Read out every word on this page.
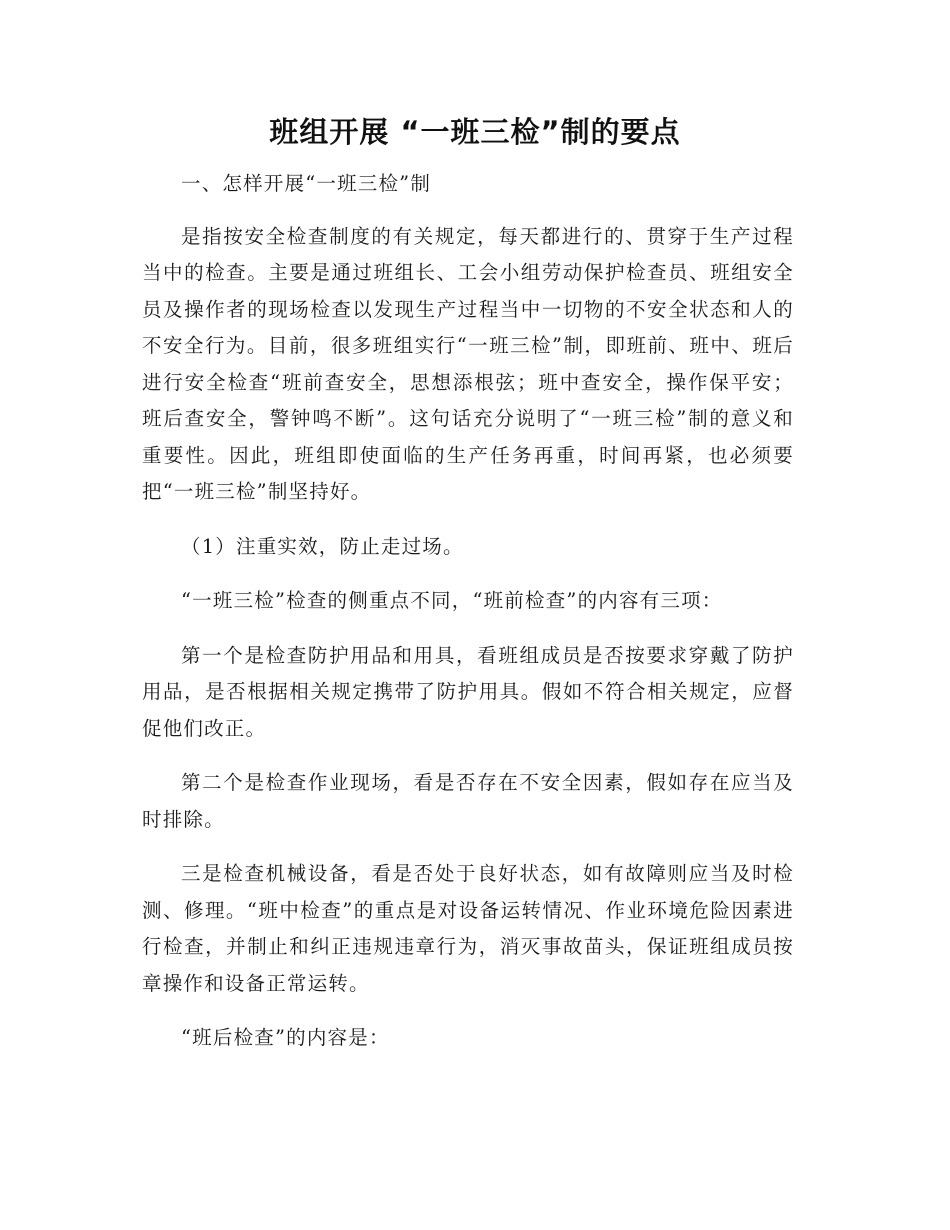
班组开展 “一班三检”制的要点

一、怎样开展“一班三检”制

是指按安全检查制度的有关规定，每天都进行的、贯穿于生产过程当中的检查。主要是通过班组长、工会小组劳动保护检查员、班组安全员及操作者的现场检查以发现生产过程当中一切物的不安全状态和人的不安全行为。目前，很多班组实行“一班三检”制，即班前、班中、班后进行安全检查“班前查安全，思想添根弦；班中查安全，操作保平安；班后查安全，警钟鸣不断”。这句话充分说明了“一班三检”制的意义和重要性。因此，班组即使面临的生产任务再重，时间再紧，也必须要把“一班三检”制坚持好。

（1）注重实效，防止走过场。

“一班三检”检查的侧重点不同，“班前检查”的内容有三项：

第一个是检查防护用品和用具，看班组成员是否按要求穿戴了防护用品，是否根据相关规定携带了防护用具。假如不符合相关规定，应督促他们改正。

第二个是检查作业现场，看是否存在不安全因素，假如存在应当及时排除。

三是检查机械设备，看是否处于良好状态，如有故障则应当及时检测、修理。“班中检查”的重点是对设备运转情况、作业环境危险因素进行检查，并制止和纠正违规违章行为，消灭事故苗头，保证班组成员按章操作和设备正常运转。

“班后检查”的内容是：
